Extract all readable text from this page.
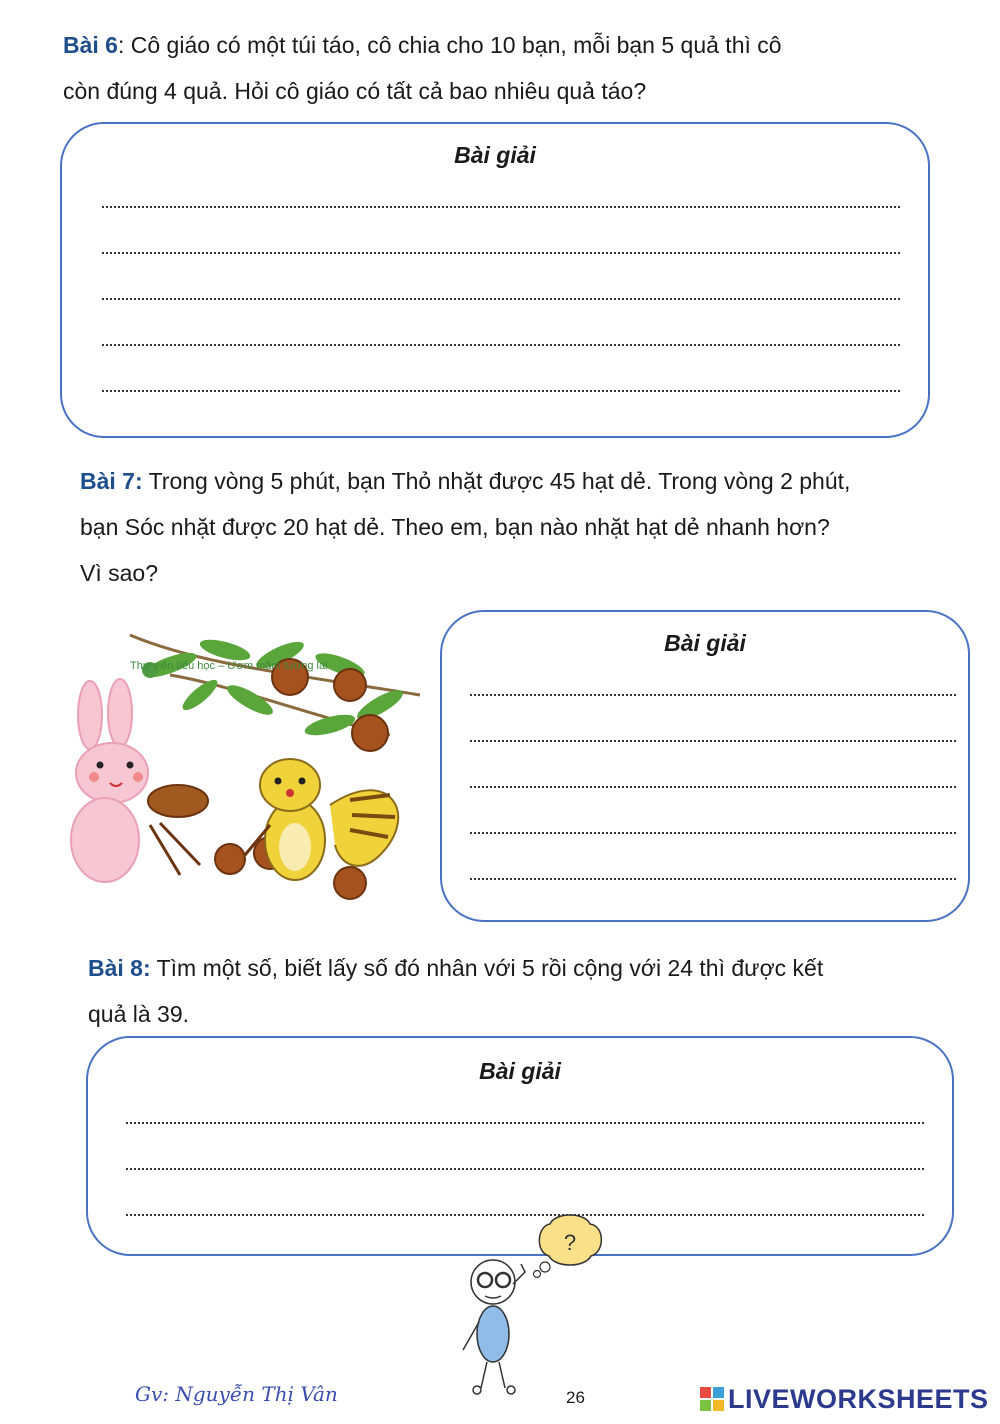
Bài 6: Cô giáo có một túi táo, cô chia cho 10 bạn, mỗi bạn 5 quả thì cô
còn đúng 4 quả. Hỏi cô giáo có tất cả bao nhiêu quả táo?
Bài giải
Bài 7: Trong vòng 5 phút, bạn Thỏ nhặt được 45 hạt dẻ. Trong vòng 2 phút,
bạn Sóc nhặt được 20 hạt dẻ. Theo em, bạn nào nhặt hạt dẻ nhanh hơn?
Vì sao?
Thư viện tiểu học – Ươm mầm tương lai
Bài giải
Bài 8: Tìm một số, biết lấy số đó nhân với 5 rồi cộng với 24 thì được kết
quả là 39.
Bài giải
?
Gv: Nguyễn Thị Vân	26	LIVEWORKSHEETS
